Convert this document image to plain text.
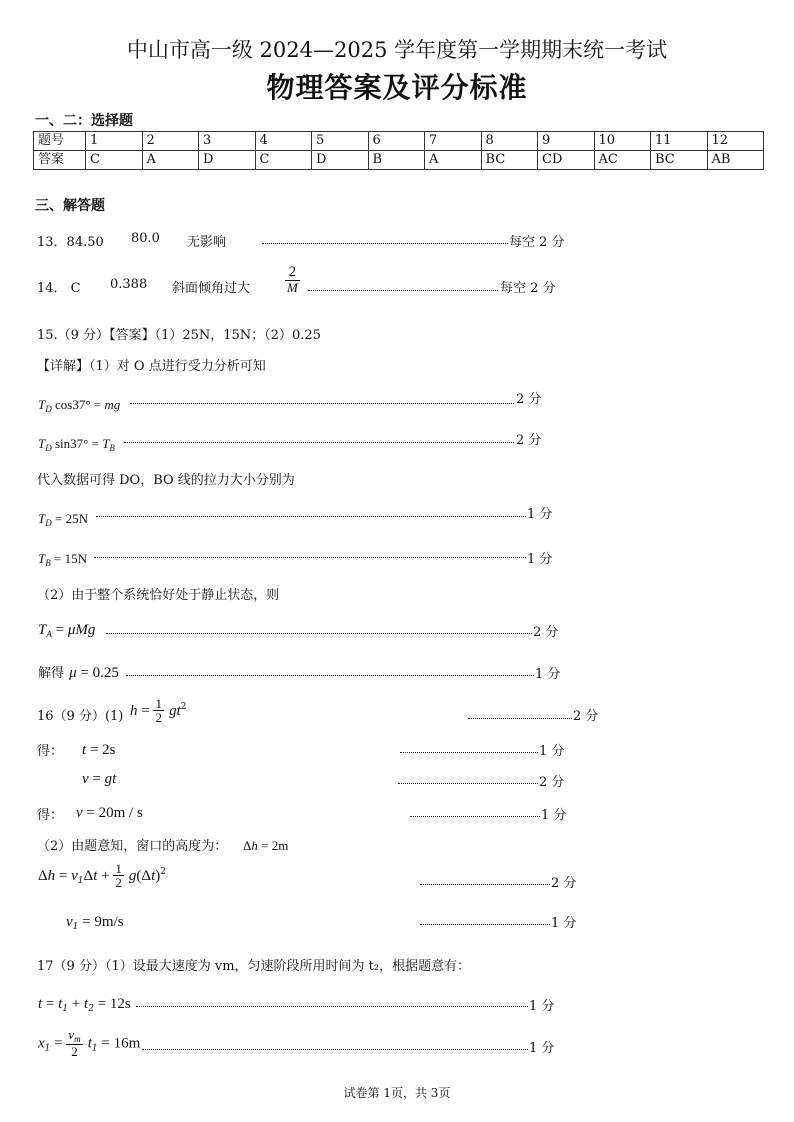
中山市高一级 2024—2025 学年度第一学期期末统一考试
物理答案及评分标准
一、二：选择题
题号	1	2	3	4	5	6	7	8	9	10	11	12
答案	C	A	D	C	D	B	A	BC	CD	AC	BC	AB
三、解答题
13．84.50 80.0 无影响	每空 2 分
14． C 0.388 斜面倾角过大 $\frac{2}{M}$	每空 2 分
15.（9 分）【答案】（1）25N，15N；（2）0.25
【详解】（1）对 O 点进行受力分析可知
$T_D$ cos37° = mg	2 分
$T_D$ $\sin 37^\circ = T_B$	2 分
代入数据可得 DO，BO 线的拉力大小分别为
$T_D = 25N$	1 分
$T_B = 15N$	1 分
（2）由于整个系统恰好处于静止状态，则
$T_A = \mu Mg$	2 分
解得 μ = 0.25	1 分
16（9 分）(1) $h = \frac{1}{2} gt^2$
2 分
得： t = 2s	1 分
v = gt	2 分
得： v = 20m / s	1 分
（2）由题意知，窗口的高度为： Δh = 2m
$\Delta h = v_1\Delta t + \frac{1}{2} g(\Delta t)^2$
2 分
$v_1 = 9m/s$	1 分
17（9 分）（1）设最大速度为 vm，匀速阶段所用时间为 t₂，根据题意有：
$t = t_1 + t_2 = 12s$	1 分
$x_1 = \frac{v_m}{2} t_1 = 16m$	1 分
试卷第 1页，共 3页
